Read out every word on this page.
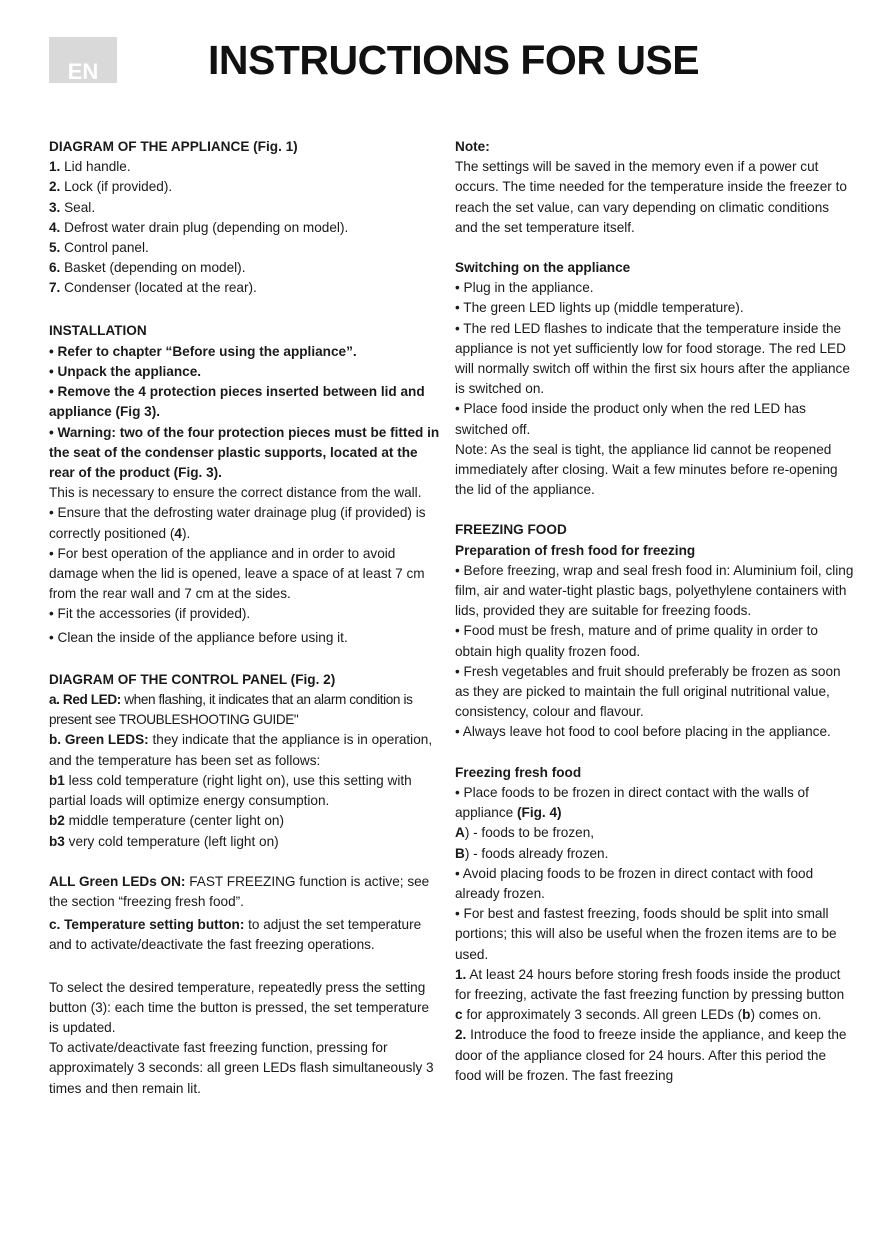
EN	INSTRUCTIONS FOR USE

DIAGRAM OF THE APPLIANCE (Fig. 1)

1. Lid handle.

2. Lock (if provided).

3. Seal.

4. Defrost water drain plug (depending on model).

5. Control panel.

6. Basket (depending on model).

7. Condenser (located at the rear).

INSTALLATION

• Refer to chapter “Before using the appliance”.

• Unpack the appliance.

• Remove the 4 protection pieces inserted between lid and appliance (Fig 3).

• Warning: two of the four protection pieces must be fitted in the seat of the condenser plastic supports, located at the rear of the product (Fig. 3).

This is necessary to ensure the correct distance from the wall.

• Ensure that the defrosting water drainage plug (if provided) is correctly positioned (4).

• For best operation of the appliance and in order to avoid damage when the lid is opened, leave a space of at least 7 cm from the rear wall and 7 cm at the sides.

• Fit the accessories (if provided).

• Clean the inside of the appliance before using it.

DIAGRAM OF THE CONTROL PANEL (Fig. 2)

a. Red LED: when flashing, it indicates that an alarm condition is present see TROUBLESHOOTING GUIDE"

b. Green LEDS: they indicate that the appliance is in operation, and the temperature has been set as follows:

b1 less cold temperature (right light on), use this setting with partial loads will optimize energy consumption.

b2 middle temperature (center light on)

b3 very cold temperature (left light on)

ALL Green LEDs ON: FAST FREEZING function is active; see the section “freezing fresh food”.

c. Temperature setting button: to adjust the set temperature and to activate/deactivate the fast freezing operations.

To select the desired temperature, repeatedly press the setting button (3): each time the button is pressed, the set temperature is updated.

To activate/deactivate fast freezing function, pressing for approximately 3 seconds: all green LEDs flash simultaneously 3 times and then remain lit.

Note:

The settings will be saved in the memory even if a power cut occurs. The time needed for the temperature inside the freezer to reach the set value, can vary depending on climatic conditions and the set temperature itself.

Switching on the appliance

• Plug in the appliance.

• The green LED lights up (middle temperature).

• The red LED flashes to indicate that the temperature inside the appliance is not yet sufficiently low for food storage. The red LED will normally switch off within the first six hours after the appliance is switched on.

• Place food inside the product only when the red LED has switched off.

Note: As the seal is tight, the appliance lid cannot be reopened immediately after closing. Wait a few minutes before re-opening the lid of the appliance.

FREEZING FOOD

Preparation of fresh food for freezing

• Before freezing, wrap and seal fresh food in: Aluminium foil, cling film, air and water-tight plastic bags, polyethylene containers with lids, provided they are suitable for freezing foods.

• Food must be fresh, mature and of prime quality in order to obtain high quality frozen food.

• Fresh vegetables and fruit should preferably be frozen as soon as they are picked to maintain the full original nutritional value, consistency, colour and flavour.

• Always leave hot food to cool before placing in the appliance.

Freezing fresh food

• Place foods to be frozen in direct contact with the walls of appliance (Fig. 4)

A) - foods to be frozen,

B) - foods already frozen.

• Avoid placing foods to be frozen in direct contact with food already frozen.

• For best and fastest freezing, foods should be split into small portions; this will also be useful when the frozen items are to be used.

1. At least 24 hours before storing fresh foods inside the product for freezing, activate the fast freezing function by pressing button c for approximately 3 seconds. All green LEDs (b) comes on.

2. Introduce the food to freeze inside the appliance, and keep the door of the appliance closed for 24 hours. After this period the food will be frozen. The fast freezing
